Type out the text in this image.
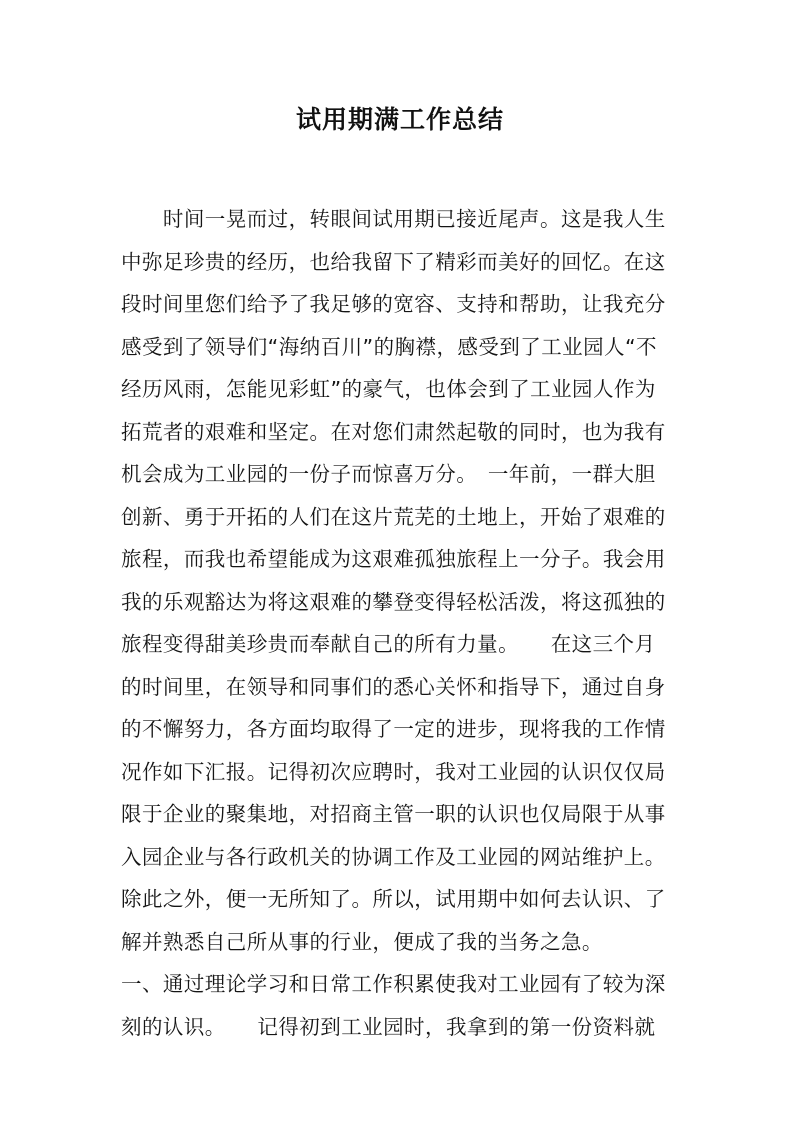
试用期满工作总结
　　时间一晃而过，转眼间试用期已接近尾声。这是我人生
中弥足珍贵的经历，也给我留下了精彩而美好的回忆。在这
段时间里您们给予了我足够的宽容、支持和帮助，让我充分
感受到了领导们“海纳百川”的胸襟，感受到了工业园人“不
经历风雨，怎能见彩虹”的豪气，也体会到了工业园人作为
拓荒者的艰难和坚定。在对您们肃然起敬的同时，也为我有
机会成为工业园的一份子而惊喜万分。　一年前，一群大胆
创新、勇于开拓的人们在这片荒芜的土地上，开始了艰难的
旅程，而我也希望能成为这艰难孤独旅程上一分子。我会用
我的乐观豁达为将这艰难的攀登变得轻松活泼，将这孤独的
旅程变得甜美珍贵而奉献自己的所有力量。　　在这三个月
的时间里，在领导和同事们的悉心关怀和指导下，通过自身
的不懈努力，各方面均取得了一定的进步，现将我的工作情
况作如下汇报。记得初次应聘时，我对工业园的认识仅仅局
限于企业的聚集地，对招商主管一职的认识也仅局限于从事
入园企业与各行政机关的协调工作及工业园的网站维护上。
除此之外，便一无所知了。所以，试用期中如何去认识、了
解并熟悉自己所从事的行业，便成了我的当务之急。
一、通过理论学习和日常工作积累使我对工业园有了较为深
刻的认识。　　记得初到工业园时，我拿到的第一份资料就
